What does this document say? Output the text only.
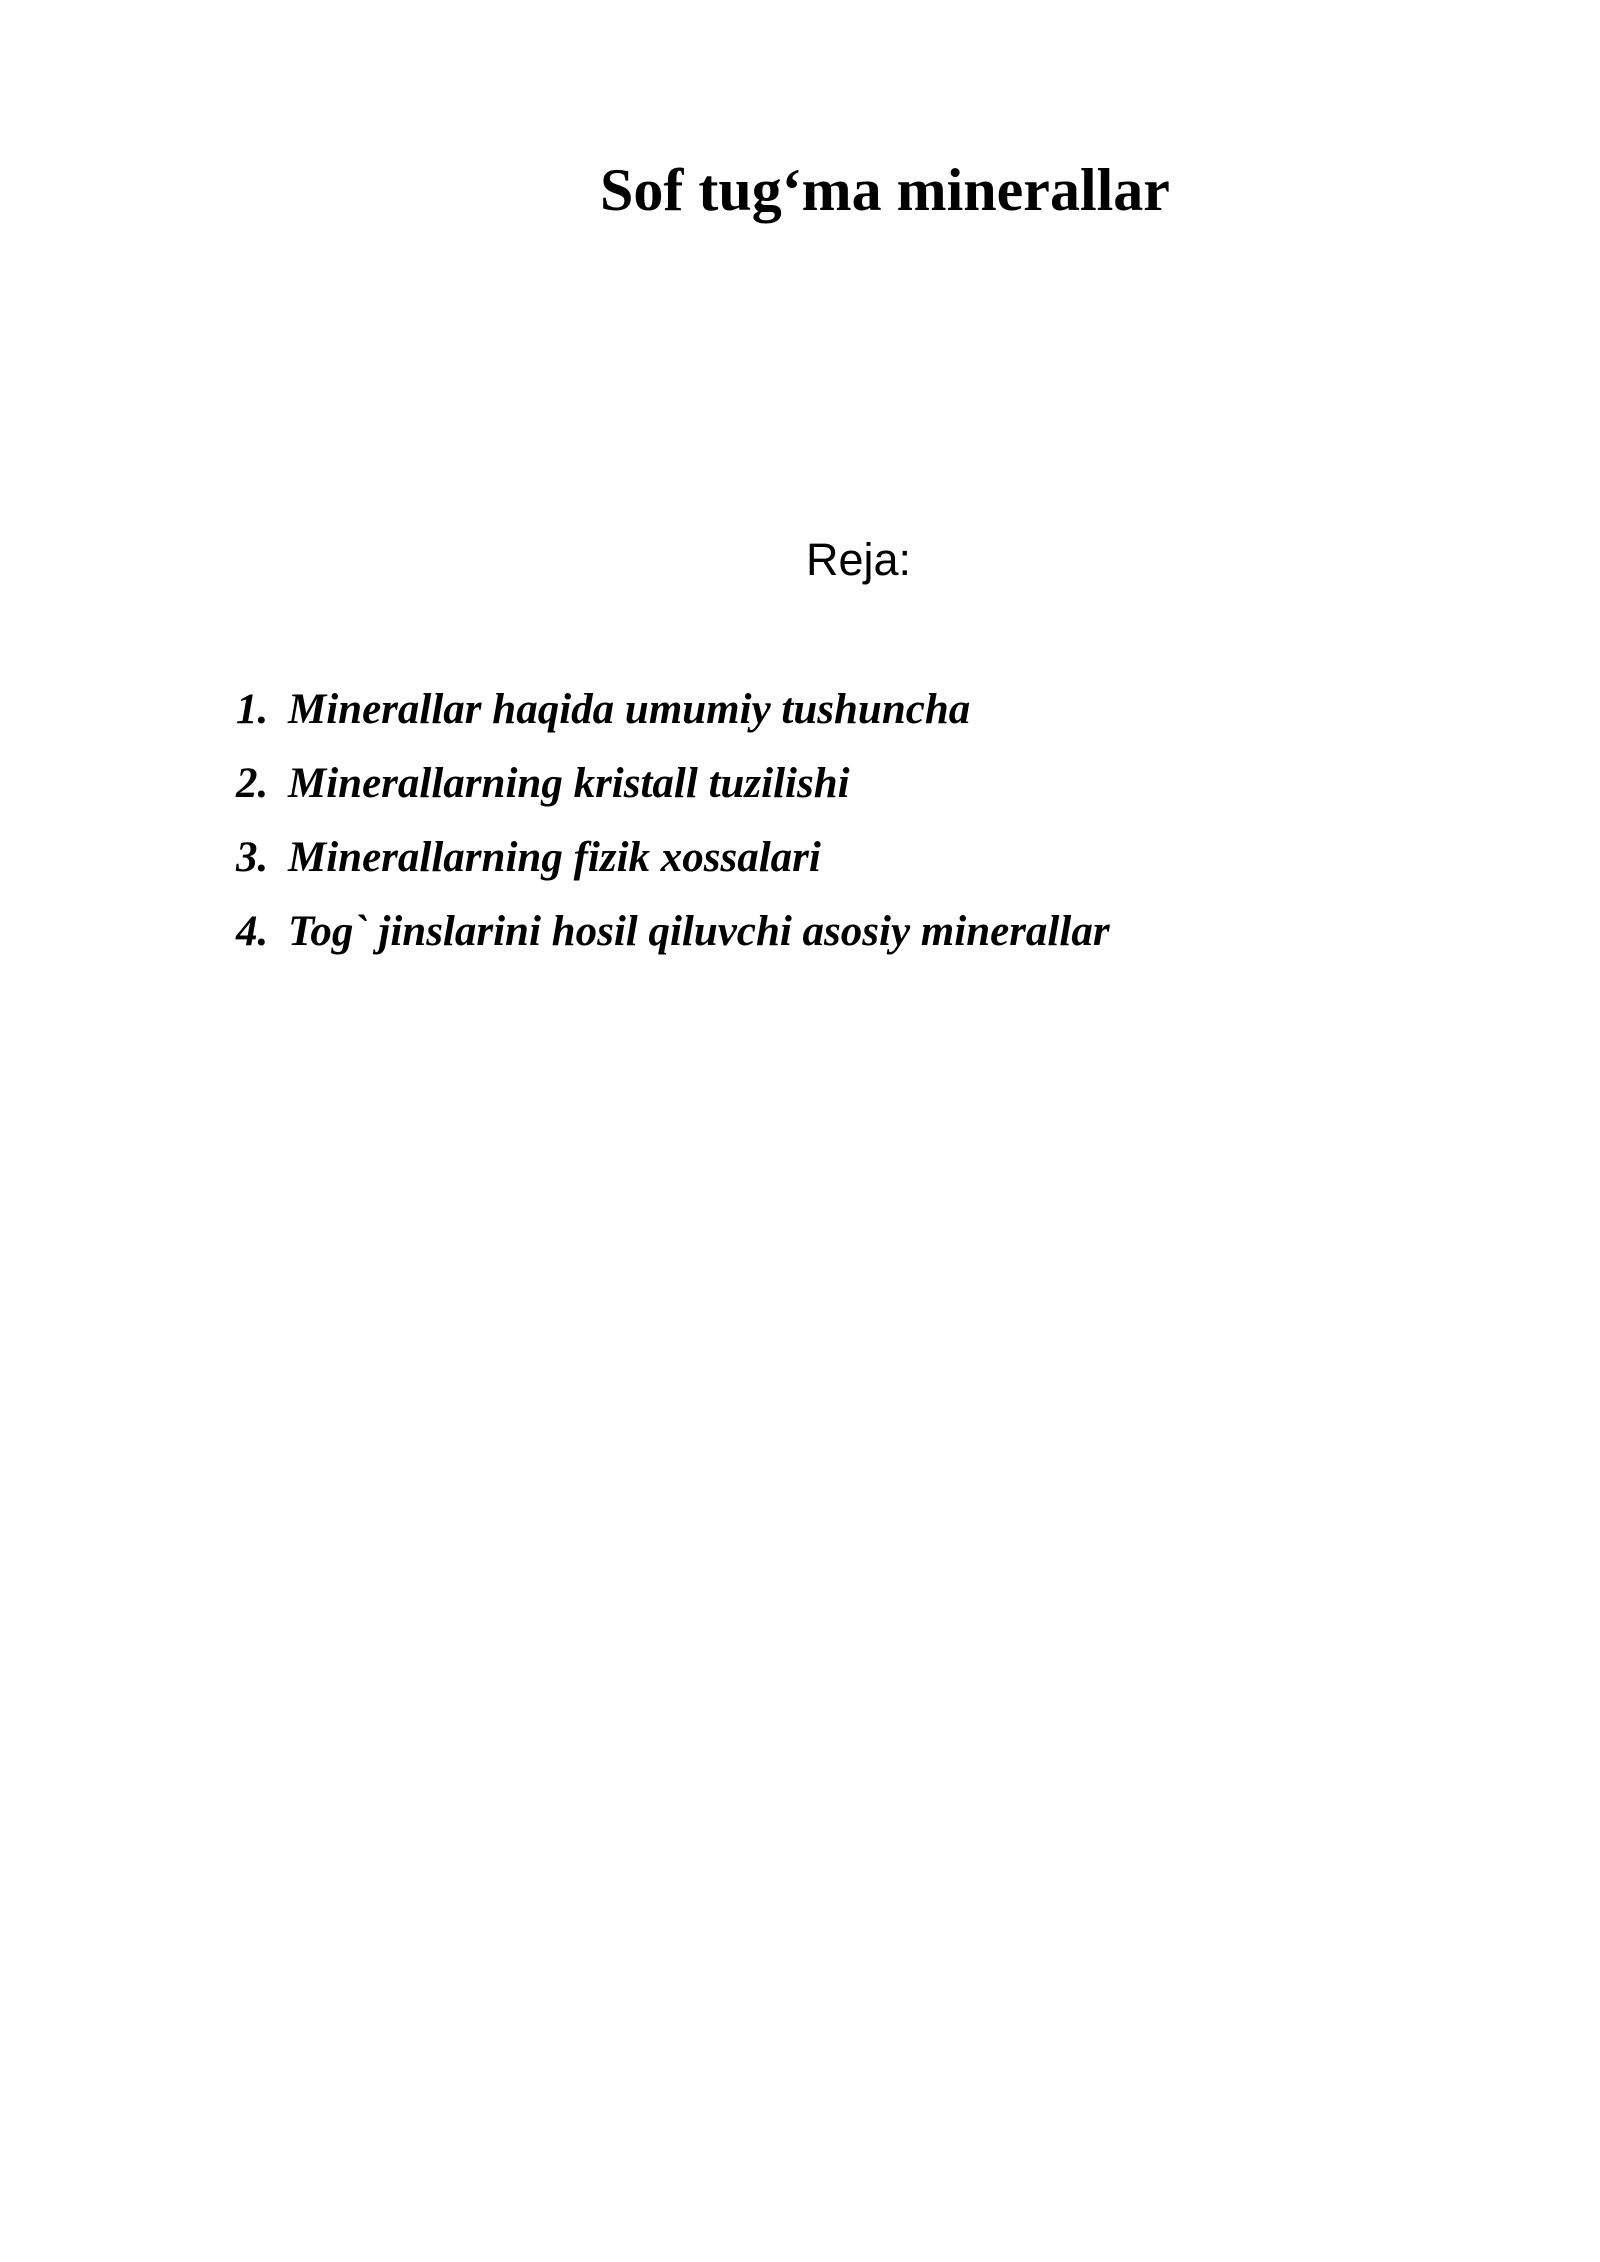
Sof tug‘ma minerallar
Reja:
1. Minerallar haqida umumiy tushuncha
2. Minerallarning kristall tuzilishi
3. Minerallarning fizik xossalari
4. Tog` jinslarini hosil qiluvchi asosiy minerallar
